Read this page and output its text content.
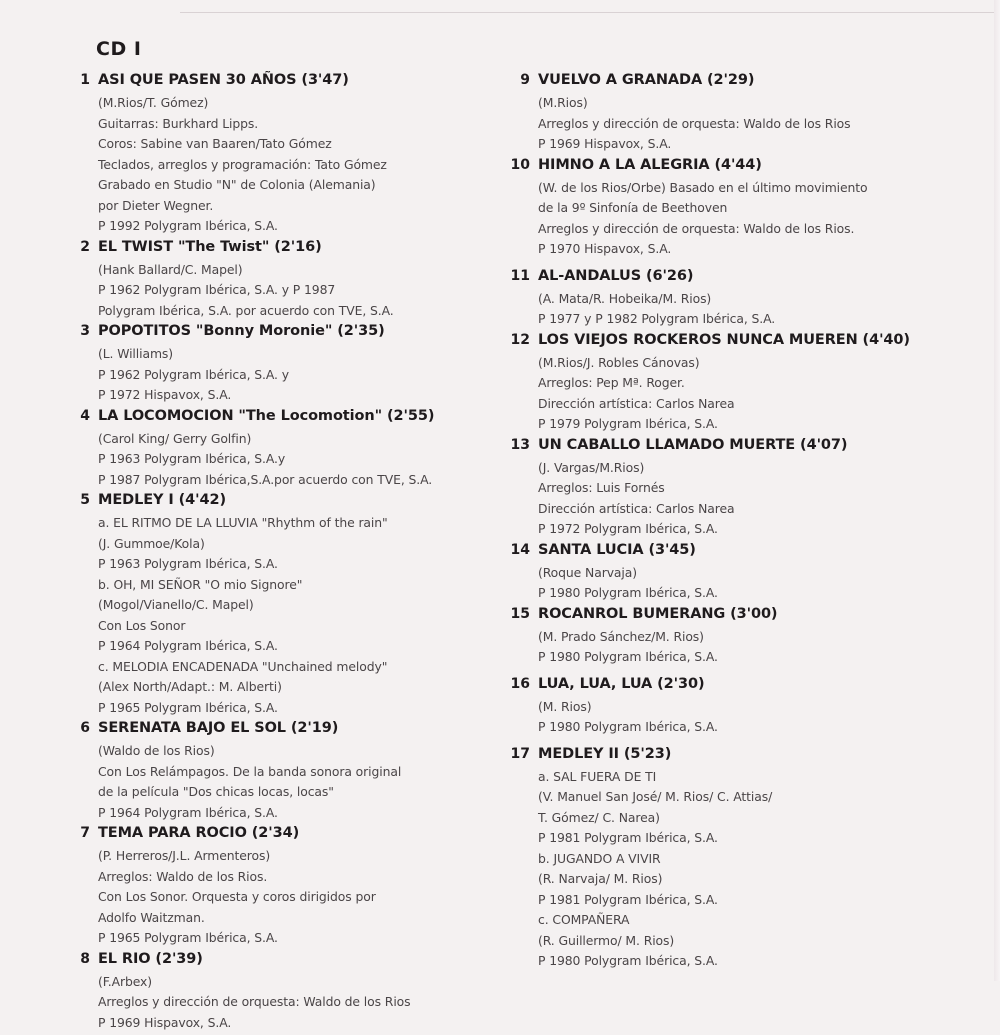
CD I
1 ASI QUE PASEN 30 AÑOS (3'47)
(M.Rios/T. Gómez)
Guitarras: Burkhard Lipps.
Coros: Sabine van Baaren/Tato Gómez
Teclados, arreglos y programación: Tato Gómez
Grabado en Studio "N" de Colonia (Alemania)
por Dieter Wegner.
P 1992 Polygram Ibérica, S.A.
2 EL TWIST "The Twist" (2'16)
(Hank Ballard/C. Mapel)
P 1962 Polygram Ibérica, S.A. y P 1987
Polygram Ibérica, S.A. por acuerdo con TVE, S.A.
3 POPOTITOS "Bonny Moronie" (2'35)
(L. Williams)
P 1962 Polygram Ibérica, S.A. y
P 1972 Hispavox, S.A.
4 LA LOCOMOCION "The Locomotion" (2'55)
(Carol King/ Gerry Golfin)
P 1963 Polygram Ibérica, S.A.y
P 1987 Polygram Ibérica,S.A.por acuerdo con TVE, S.A.
5 MEDLEY I (4'42)
a. EL RITMO DE LA LLUVIA "Rhythm of the rain"
(J. Gummoe/Kola)
P 1963 Polygram Ibérica, S.A.
b. OH, MI SEÑOR "O mio Signore"
(Mogol/Vianello/C. Mapel)
Con Los Sonor
P 1964 Polygram Ibérica, S.A.
c. MELODIA ENCADENADA "Unchained melody"
(Alex North/Adapt.: M. Alberti)
P 1965 Polygram Ibérica, S.A.
6 SERENATA BAJO EL SOL (2'19)
(Waldo de los Rios)
Con Los Relámpagos. De la banda sonora original
de la película "Dos chicas locas, locas"
P 1964 Polygram Ibérica, S.A.
7 TEMA PARA ROCIO (2'34)
(P. Herreros/J.L. Armenteros)
Arreglos: Waldo de los Rios.
Con Los Sonor. Orquesta y coros dirigidos por
Adolfo Waitzman.
P 1965 Polygram Ibérica, S.A.
8 EL RIO (2'39)
(F.Arbex)
Arreglos y dirección de orquesta: Waldo de los Rios
P 1969 Hispavox, S.A.
9 VUELVO A GRANADA (2'29)
(M.Rios)
Arreglos y dirección de orquesta: Waldo de los Rios
P 1969 Hispavox, S.A.
10 HIMNO A LA ALEGRIA (4'44)
(W. de los Rios/Orbe) Basado en el último movimiento
de la 9º Sinfonía de Beethoven
Arreglos y dirección de orquesta: Waldo de los Rios.
P 1970 Hispavox, S.A.
11 AL-ANDALUS (6'26)
(A. Mata/R. Hobeika/M. Rios)
P 1977 y P 1982 Polygram Ibérica, S.A.
12 LOS VIEJOS ROCKEROS NUNCA MUEREN (4'40)
(M.Rios/J. Robles Cánovas)
Arreglos: Pep Mª. Roger.
Dirección artística: Carlos Narea
P 1979 Polygram Ibérica, S.A.
13 UN CABALLO LLAMADO MUERTE (4'07)
(J. Vargas/M.Rios)
Arreglos: Luis Fornés
Dirección artística: Carlos Narea
P 1972 Polygram Ibérica, S.A.
14 SANTA LUCIA (3'45)
(Roque Narvaja)
P 1980 Polygram Ibérica, S.A.
15 ROCANROL BUMERANG (3'00)
(M. Prado Sánchez/M. Rios)
P 1980 Polygram Ibérica, S.A.
16 LUA, LUA, LUA (2'30)
(M. Rios)
P 1980 Polygram Ibérica, S.A.
17 MEDLEY II (5'23)
a. SAL FUERA DE TI
(V. Manuel San José/ M. Rios/ C. Attias/
T. Gómez/ C. Narea)
P 1981 Polygram Ibérica, S.A.
b. JUGANDO A VIVIR
(R. Narvaja/ M. Rios)
P 1981 Polygram Ibérica, S.A.
c. COMPAÑERA
(R. Guillermo/ M. Rios)
P 1980 Polygram Ibérica, S.A.
